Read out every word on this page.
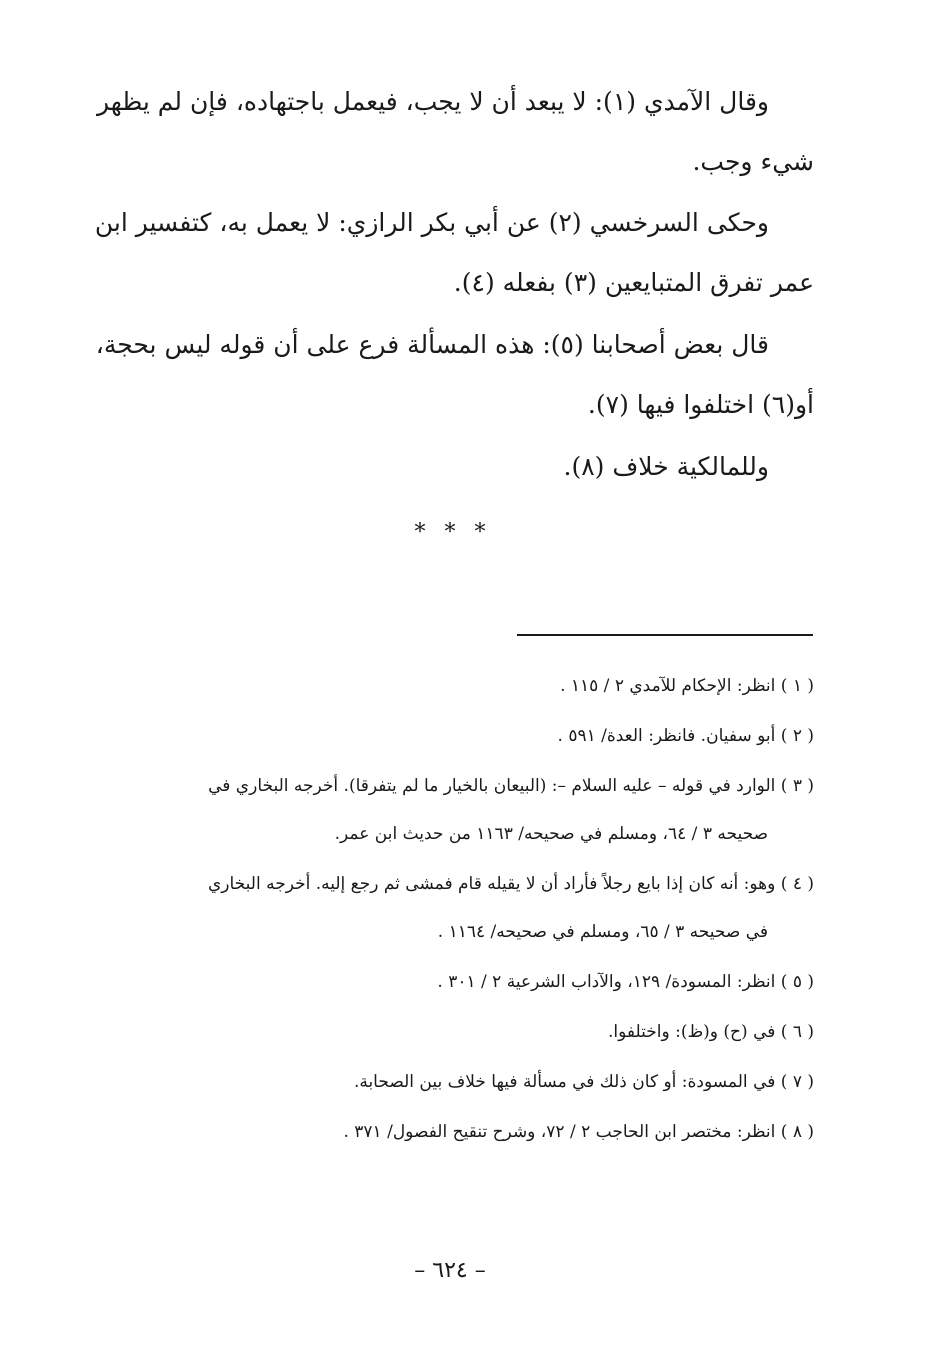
وقال الآمدي (١): لا يبعد أن لا يجب، فيعمل باجتهاده، فإن لم يظهر
شيء وجب.

وحكى السرخسي (٢) عن أبي بكر الرازي: لا يعمل به، كتفسير ابن
عمر تفرق المتبايعين (٣) بفعله (٤).

قال بعض أصحابنا (٥): هذه المسألة فرع على أن قوله ليس بحجة،
أو(٦) اختلفوا فيها (٧).

وللمالكية خلاف (٨).

* * *

( ١ ) انظر: الإحكام للآمدي ٢ / ١١٥ .

( ٢ ) أبو سفيان. فانظر: العدة/ ٥٩١ .

( ٣ ) الوارد في قوله – عليه السلام –: (البيعان بالخيار ما لم يتفرقا). أخرجه البخاري في
صحيحه ٣ / ٦٤، ومسلم في صحيحه/ ١١٦٣ من حديث ابن عمر.

( ٤ ) وهو: أنه كان إذا بايع رجلاً فأراد أن لا يقيله قام فمشى ثم رجع إليه. أخرجه البخاري
في صحيحه ٣ / ٦٥، ومسلم في صحيحه/ ١١٦٤ .

( ٥ ) انظر: المسودة/ ١٢٩، والآداب الشرعية ٢ / ٣٠١ .

( ٦ ) في (ح) و(ظ): واختلفوا.

( ٧ ) في المسودة: أو كان ذلك في مسألة فيها خلاف بين الصحابة.

( ٨ ) انظر: مختصر ابن الحاجب ٢ / ٧٢، وشرح تنقيح الفصول/ ٣٧١ .

– ٦٢٤ –
